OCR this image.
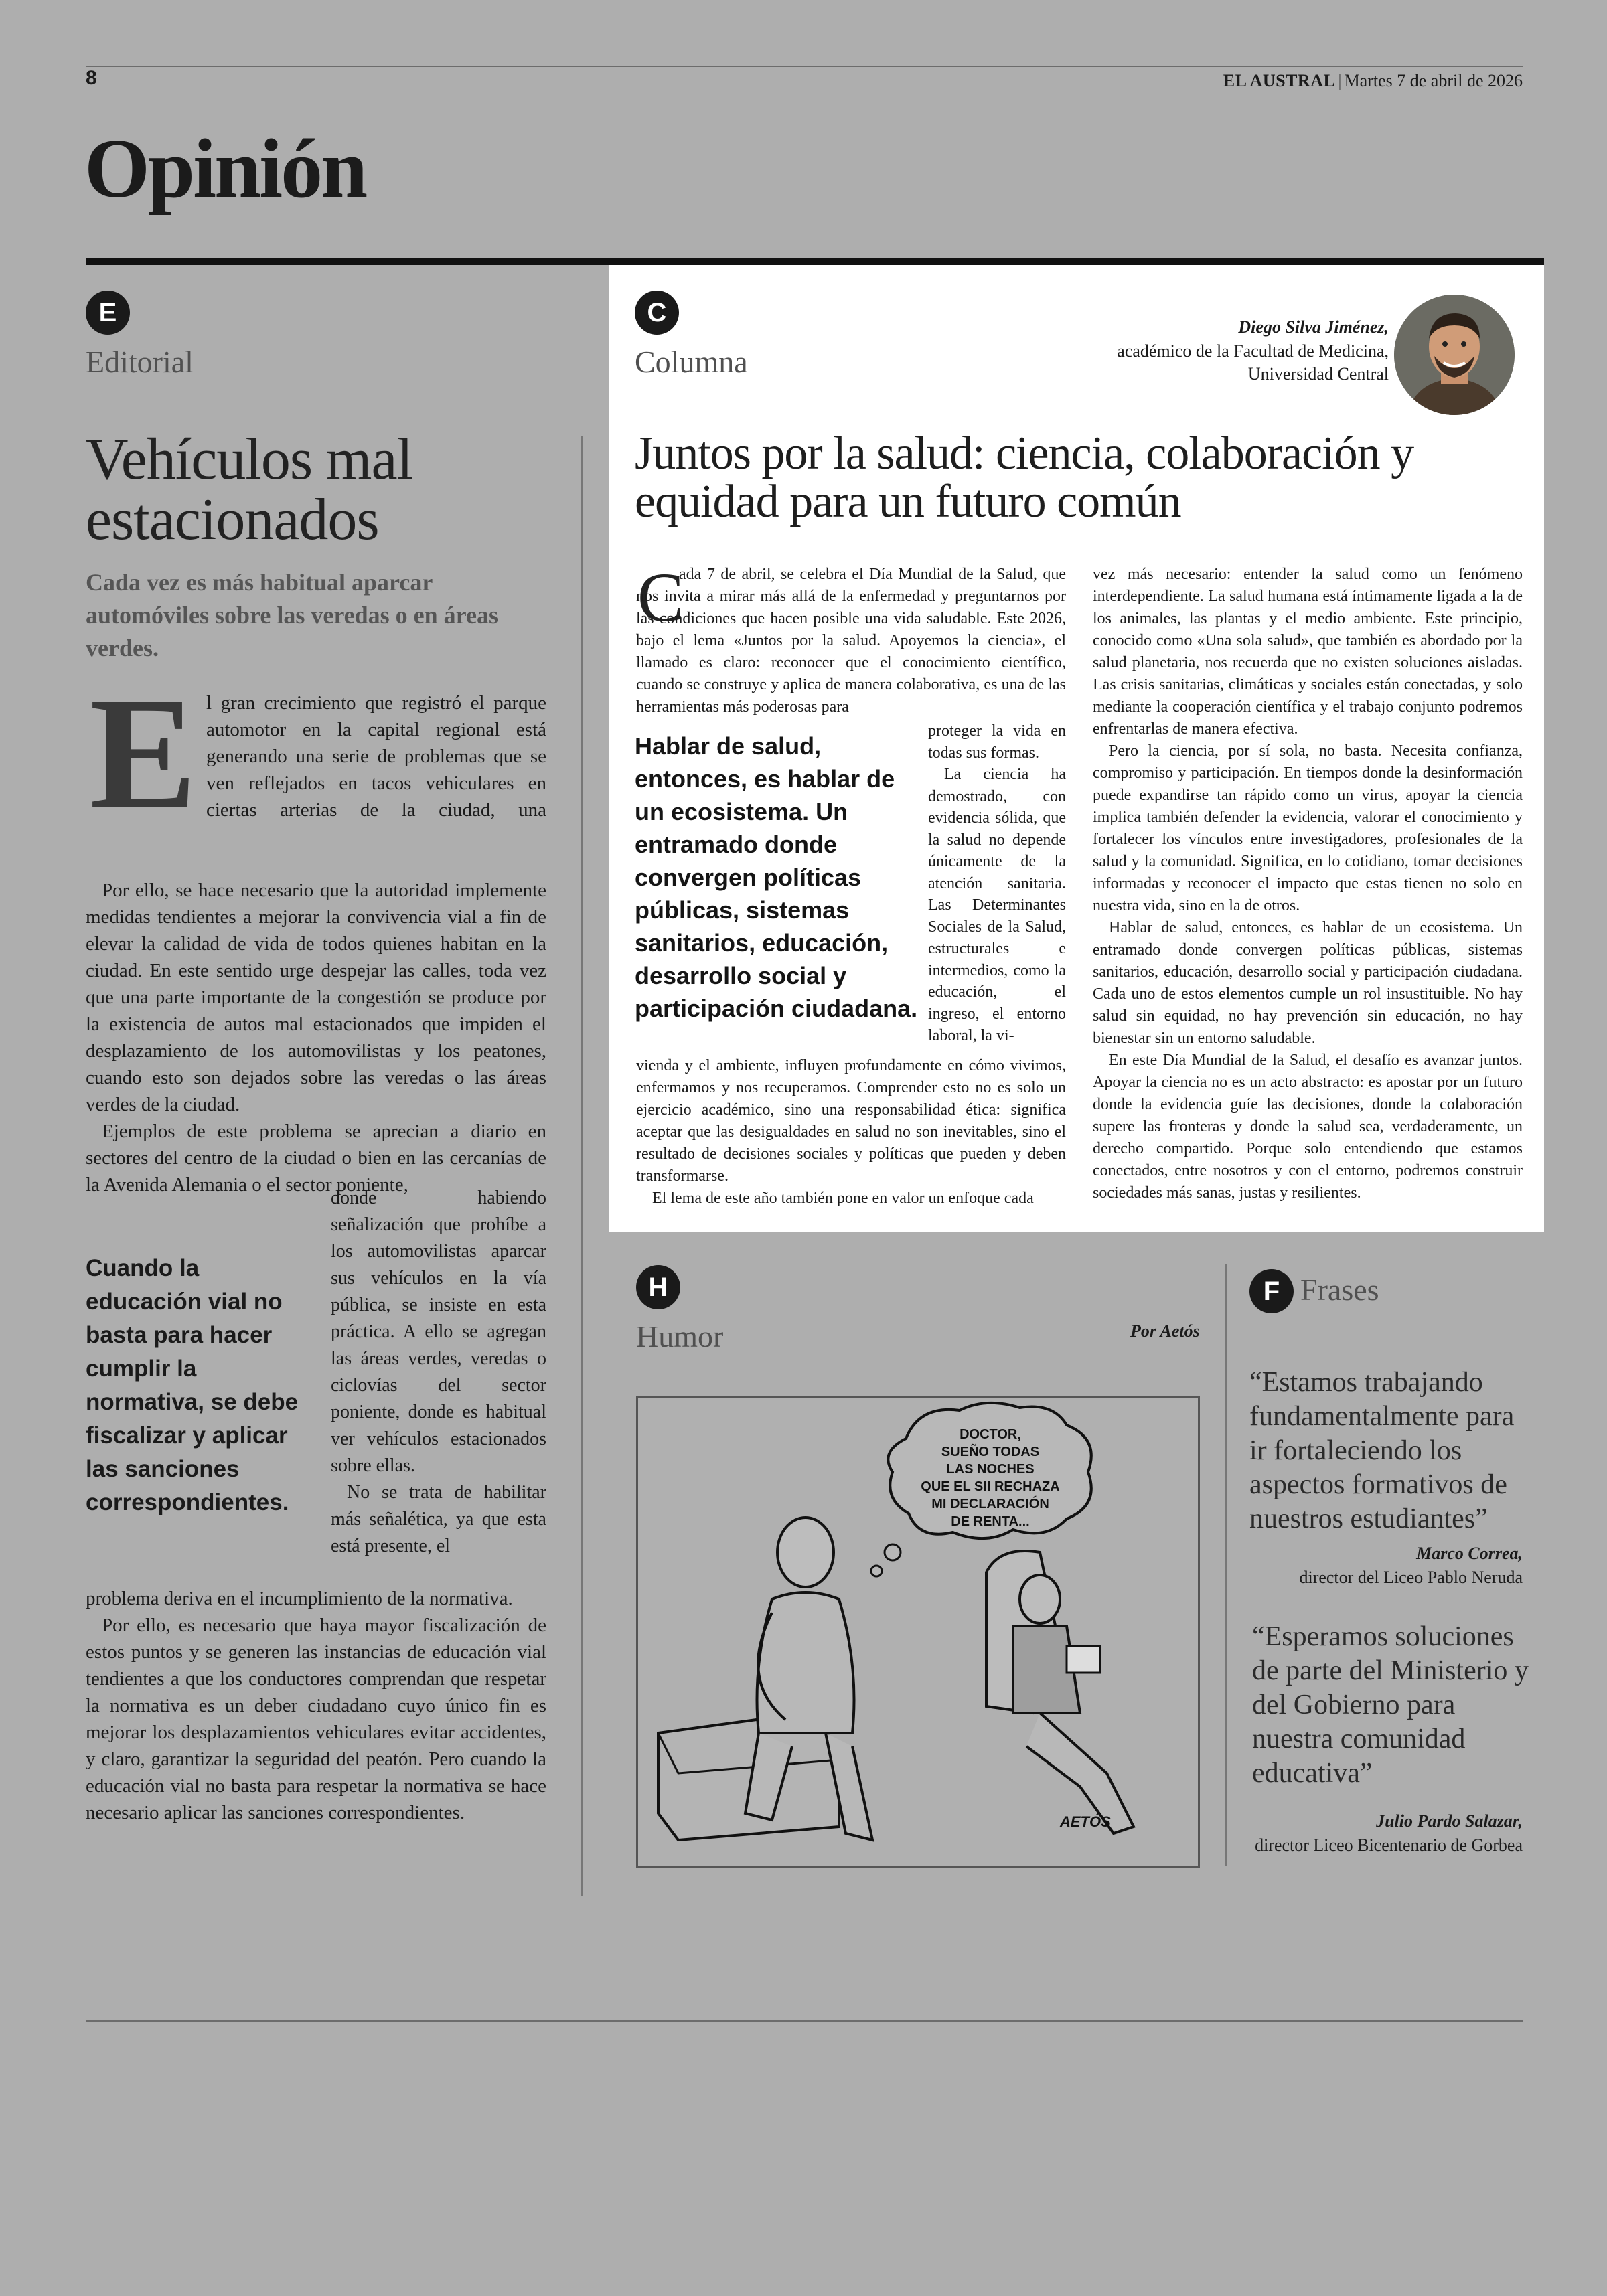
8	EL AUSTRAL | Martes 7 de abril de 2026
Opinión
E
Editorial
Vehículos mal estacionados
Cada vez es más habitual aparcar automóviles sobre las veredas o en áreas verdes.
E l gran crecimiento que registró el parque automotor en la capital regional está generando una serie de problemas que se ven reflejados en tacos vehiculares en ciertas arterias de la ciudad, una

Por ello, se hace necesario que la autoridad implemente medidas tendientes a mejorar la convivencia vial a fin de elevar la calidad de vida de todos quienes habitan en la ciudad. En este sentido urge despejar las calles, toda vez que una parte importante de la congestión se produce por la existencia de autos mal estacionados que impiden el desplazamiento de los automovilistas y los peatones, cuando esto son dejados sobre las veredas o las áreas verdes de la ciudad.

Ejemplos de este problema se aprecian a diario en sectores del centro de la ciudad o bien en las cercanías de la Avenida Alemania o el sector poniente,

Cuando la educación vial no basta para hacer cumplir la normativa, se debe fiscalizar y aplicar las sanciones correspondientes.

donde habiendo señalización que prohíbe a los automovilistas aparcar sus vehículos en la vía pública, se insiste en esta práctica. A ello se agregan las áreas verdes, veredas o ciclovías del sector poniente, donde es habitual ver vehículos estacionados sobre ellas.

No se trata de habilitar más señalética, ya que esta está presente, el

problema deriva en el incumplimiento de la normativa.

Por ello, es necesario que haya mayor fiscalización de estos puntos y se generen las instancias de educación vial tendientes a que los conductores comprendan que respetar la normativa es un deber ciudadano cuyo único fin es mejorar los desplazamientos vehiculares evitar accidentes, y claro, garantizar la seguridad del peatón. Pero cuando la educación vial no basta para respetar la normativa se hace necesario aplicar las sanciones correspondientes.

C
Columna
Diego Silva Jiménez,
académico de la Facultad de Medicina,
Universidad Central
Juntos por la salud: ciencia, colaboración y equidad para un futuro común
C

ada 7 de abril, se celebra el Día Mundial de la Salud, que nos invita a mirar más allá de la enfermedad y preguntarnos por las condiciones que hacen posible una vida saludable. Este 2026, bajo el lema «Juntos por la salud. Apoyemos la ciencia», el llamado es claro: reconocer que el conocimiento científico, cuando se construye y aplica de manera colaborativa, es una de las herramientas más poderosas para

Hablar de salud, entonces, es hablar de un ecosistema. Un entramado donde convergen políticas públicas, sistemas sanitarios, educación, desarrollo social y participación ciudadana.

proteger la vida en todas sus formas.

La ciencia ha demostrado, con evidencia sólida, que la salud no depende únicamente de la atención sanitaria. Las Determinantes Sociales de la Salud, estructurales e intermedios, como la educación, el ingreso, el entorno laboral, la vi-

vienda y el ambiente, influyen profundamente en cómo vivimos, enfermamos y nos recuperamos. Comprender esto no es solo un ejercicio académico, sino una responsabilidad ética: significa aceptar que las desigualdades en salud no son inevitables, sino el resultado de decisiones sociales y políticas que pueden y deben transformarse.

El lema de este año también pone en valor un enfoque cada

vez más necesario: entender la salud como un fenómeno interdependiente. La salud humana está íntimamente ligada a la de los animales, las plantas y el medio ambiente. Este principio, conocido como «Una sola salud», que también es abordado por la salud planetaria, nos recuerda que no existen soluciones aisladas. Las crisis sanitarias, climáticas y sociales están conectadas, y solo mediante la cooperación científica y el trabajo conjunto podremos enfrentarlas de manera efectiva.

Pero la ciencia, por sí sola, no basta. Necesita confianza, compromiso y participación. En tiempos donde la desinformación puede expandirse tan rápido como un virus, apoyar la ciencia implica también defender la evidencia, valorar el conocimiento y fortalecer los vínculos entre investigadores, profesionales de la salud y la comunidad. Significa, en lo cotidiano, tomar decisiones informadas y reconocer el impacto que estas tienen no solo en nuestra vida, sino en la de otros.

Hablar de salud, entonces, es hablar de un ecosistema. Un entramado donde convergen políticas públicas, sistemas sanitarios, educación, desarrollo social y participación ciudadana. Cada uno de estos elementos cumple un rol insustituible. No hay salud sin equidad, no hay prevención sin educación, no hay bienestar sin un entorno saludable.

En este Día Mundial de la Salud, el desafío es avanzar juntos. Apoyar la ciencia no es un acto abstracto: es apostar por un futuro donde la evidencia guíe las decisiones, donde la colaboración supere las fronteras y donde la salud sea, verdaderamente, un derecho compartido. Porque solo entendiendo que estamos conectados, entre nosotros y con el entorno, podremos construir sociedades más sanas, justas y resilientes.

H
Humor	Por Aetós
DOCTOR,
SUEÑO TODAS
LAS NOCHES
QUE EL SII RECHAZA
MI DECLARACIÓN
DE RENTA...
AETÓS
F Frases
“Estamos trabajando fundamentalmente para ir fortaleciendo los aspectos formativos de nuestros estudiantes”
Marco Correa,
director del Liceo Pablo Neruda
“Esperamos soluciones de parte del Ministerio y del Gobierno para nuestra comunidad educativa”
Julio Pardo Salazar,
director Liceo Bicentenario de Gorbea
